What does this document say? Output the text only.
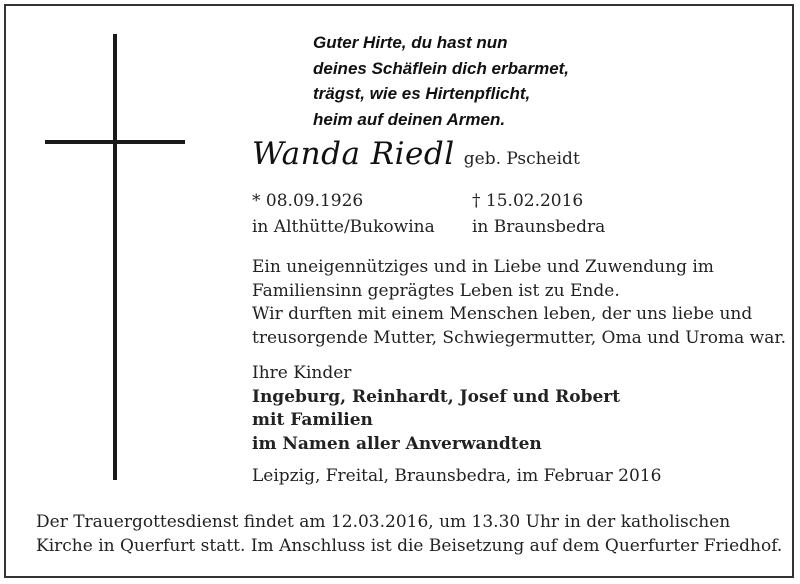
Guter Hirte, du hast nun
deines Schäflein dich erbarmet,
trägst, wie es Hirtenpflicht,
heim auf deinen Armen.
Wanda Riedl geb. Pscheidt
* 08.09.1926
in Althütte/Bukowina
† 15.02.2016
in Braunsbedra
Ein uneigennütziges und in Liebe und Zuwendung im
Familiensinn geprägtes Leben ist zu Ende.
Wir durften mit einem Menschen leben, der uns liebe und
treusorgende Mutter, Schwiegermutter, Oma und Uroma war.
Ihre Kinder
Ingeburg, Reinhardt, Josef und Robert
mit Familien
im Namen aller Anverwandten
Leipzig, Freital, Braunsbedra, im Februar 2016
Der Trauergottesdienst findet am 12.03.2016, um 13.30 Uhr in der katholischen
Kirche in Querfurt statt. Im Anschluss ist die Beisetzung auf dem Querfurter Friedhof.
